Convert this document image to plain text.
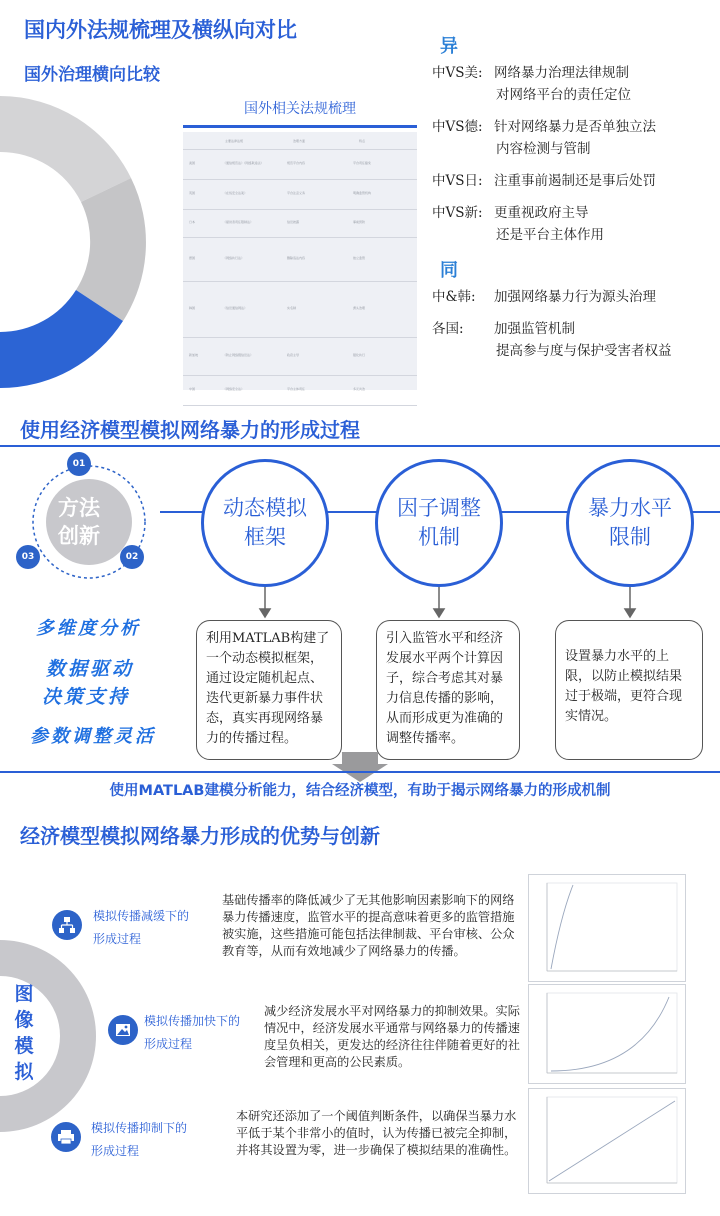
国内外法规梳理及横纵向对比
国外治理横向比较
国外相关法规梳理
主要法律法规	治理方面	特点
美国	《通信规范法》《网络欺凌法》	规范平台内容	平台责任豁免
英国	《在线安全法案》	平台注意义务	明确监管机构
日本	《提供者责任限制法》	信息披露	事前预防
德国	《网络执行法》	删除违法内容	独立监管
韩国	《信息通信网法》	实名制	源头治理
新加坡	《防止网络假信息法》	政府主导	强化执行
中国	《网络安全法》	平台主体责任	多元共治
异
中VS美: 网络暴力治理法律规制
对网络平台的责任定位
中VS德: 针对网络暴力是否单独立法
内容检测与管制
中VS日: 注重事前遏制还是事后处罚
中VS新: 更重视政府主导
还是平台主体作用
同
中&韩: 加强网络暴力行为源头治理
各国: 加强监管机制
提高参与度与保护受害者权益
使用经济模型模拟网络暴力的形成过程
01
02
03
方法
创新
动态模拟
框架
因子调整
机制
暴力水平
限制
利用MATLAB构建了一个动态模拟框架，通过设定随机起点、迭代更新暴力事件状态，真实再现网络暴力的传播过程。
引入监管水平和经济发展水平两个计算因子，综合考虑其对暴力信息传播的影响，从而形成更为准确的调整传播率。
设置暴力水平的上限，以防止模拟结果过于极端，更符合现实情况。
多维度分析
数据驱动
决策支持
参数调整灵活
使用MATLAB建模分析能力，结合经济模型，有助于揭示网络暴力的形成机制
经济模型模拟网络暴力形成的优势与创新
图
像
模
拟
模拟传播减缓下的
形成过程
基础传播率的降低减少了无其他影响因素影响下的网络暴力传播速度，监管水平的提高意味着更多的监管措施被实施，这些措施可能包括法律制裁、平台审核、公众教育等，从而有效地减少了网络暴力的传播。
模拟传播加快下的
形成过程
减少经济发展水平对网络暴力的抑制效果。实际情况中，经济发展水平通常与网络暴力的传播速度呈负相关，更发达的经济往往伴随着更好的社会管理和更高的公民素质。
模拟传播抑制下的
形成过程
本研究还添加了一个阈值判断条件，以确保当暴力水平低于某个非常小的值时，认为传播已被完全抑制，并将其设置为零，进一步确保了模拟结果的准确性。
